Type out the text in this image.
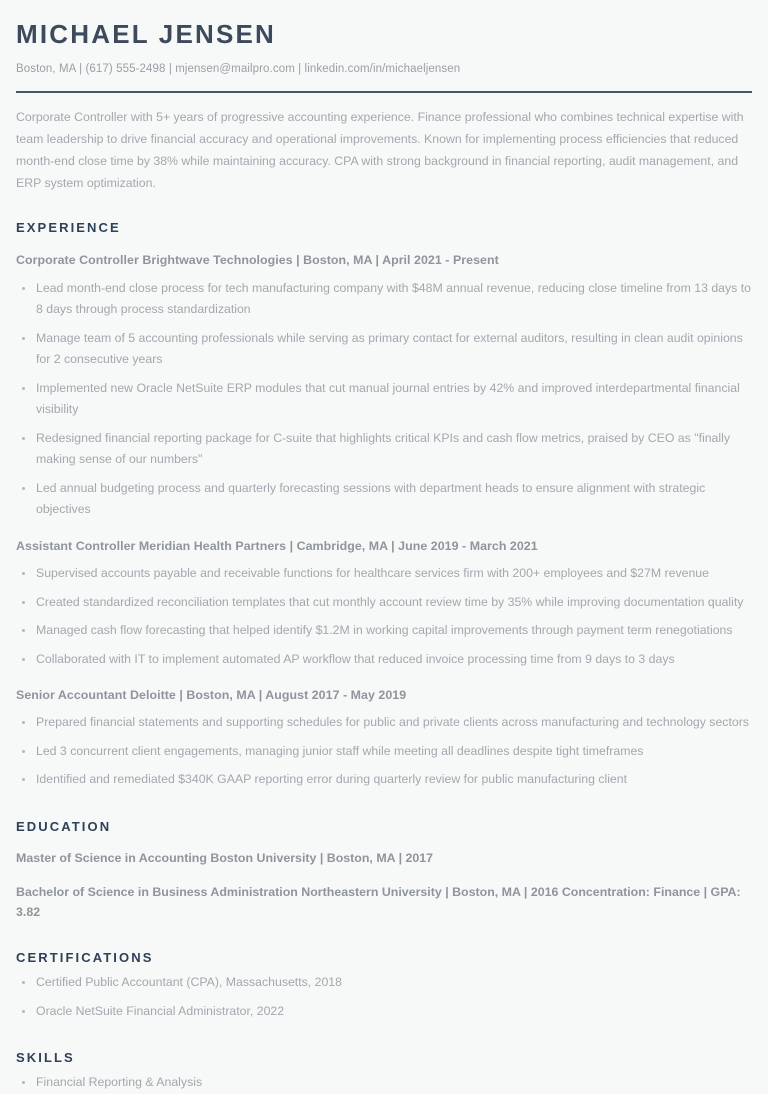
MICHAEL JENSEN
Boston, MA | (617) 555-2498 | mjensen@mailpro.com | linkedin.com/in/michaeljensen

Corporate Controller with 5+ years of progressive accounting experience. Finance professional who combines technical expertise with team leadership to drive financial accuracy and operational improvements. Known for implementing process efficiencies that reduced month-end close time by 38% while maintaining accuracy. CPA with strong background in financial reporting, audit management, and ERP system optimization.

EXPERIENCE
Corporate Controller Brightwave Technologies | Boston, MA | April 2021 - Present
Lead month-end close process for tech manufacturing company with $48M annual revenue, reducing close timeline from 13 days to 8 days through process standardization
Manage team of 5 accounting professionals while serving as primary contact for external auditors, resulting in clean audit opinions for 2 consecutive years
Implemented new Oracle NetSuite ERP modules that cut manual journal entries by 42% and improved interdepartmental financial visibility
Redesigned financial reporting package for C-suite that highlights critical KPIs and cash flow metrics, praised by CEO as "finally making sense of our numbers"
Led annual budgeting process and quarterly forecasting sessions with department heads to ensure alignment with strategic objectives
Assistant Controller Meridian Health Partners | Cambridge, MA | June 2019 - March 2021
Supervised accounts payable and receivable functions for healthcare services firm with 200+ employees and $27M revenue
Created standardized reconciliation templates that cut monthly account review time by 35% while improving documentation quality
Managed cash flow forecasting that helped identify $1.2M in working capital improvements through payment term renegotiations
Collaborated with IT to implement automated AP workflow that reduced invoice processing time from 9 days to 3 days
Senior Accountant Deloitte | Boston, MA | August 2017 - May 2019
Prepared financial statements and supporting schedules for public and private clients across manufacturing and technology sectors
Led 3 concurrent client engagements, managing junior staff while meeting all deadlines despite tight timeframes
Identified and remediated $340K GAAP reporting error during quarterly review for public manufacturing client
EDUCATION
Master of Science in Accounting Boston University | Boston, MA | 2017
Bachelor of Science in Business Administration Northeastern University | Boston, MA | 2016 Concentration: Finance | GPA: 3.82
CERTIFICATIONS
Certified Public Accountant (CPA), Massachusetts, 2018
Oracle NetSuite Financial Administrator, 2022
SKILLS
Financial Reporting & Analysis
